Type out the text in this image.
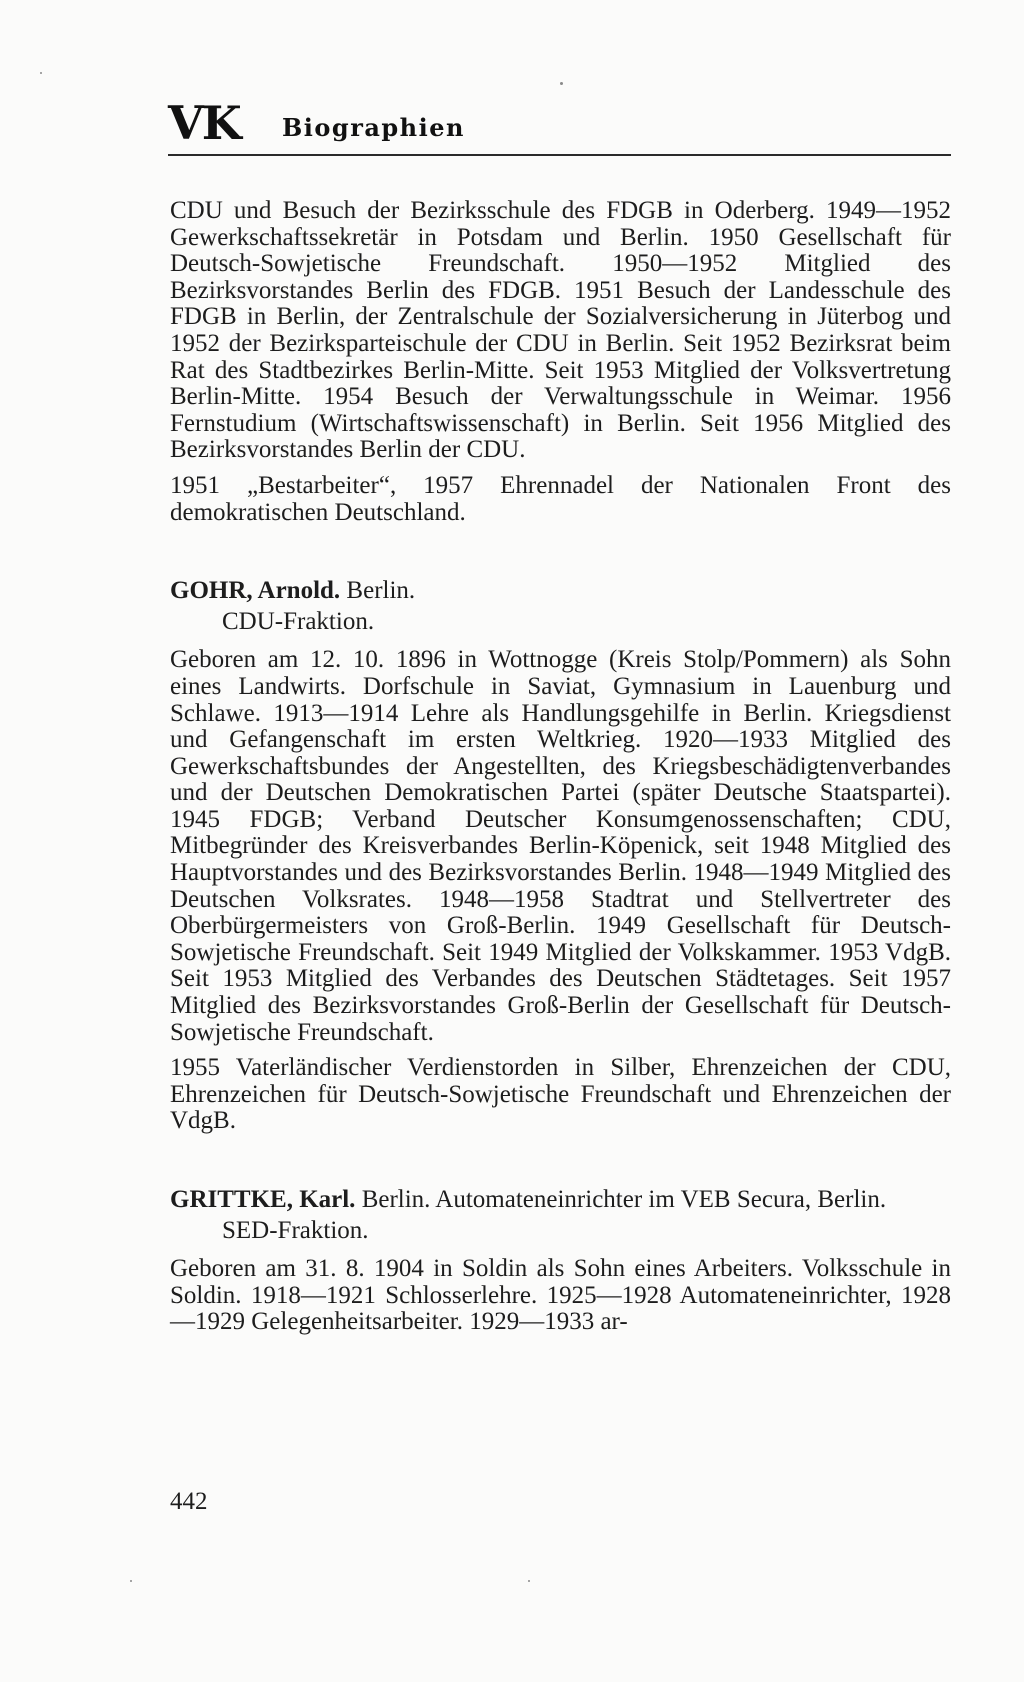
VK Biographien

CDU und Besuch der Bezirksschule des FDGB in Oderberg. 1949—1952 Gewerkschaftssekretär in Potsdam und Berlin. 1950 Gesellschaft für Deutsch-Sowjetische Freundschaft. 1950—1952 Mitglied des Bezirksvorstandes Berlin des FDGB. 1951 Besuch der Landesschule des FDGB in Berlin, der Zentralschule der Sozialversicherung in Jüterbog und 1952 der Bezirksparteischule der CDU in Berlin. Seit 1952 Bezirksrat beim Rat des Stadtbezirkes Berlin-Mitte. Seit 1953 Mitglied der Volksvertretung Berlin-Mitte. 1954 Besuch der Verwaltungsschule in Weimar. 1956 Fernstudium (Wirtschaftswissenschaft) in Berlin. Seit 1956 Mitglied des Bezirksvorstandes Berlin der CDU.

1951 „Bestarbeiter“, 1957 Ehrennadel der Nationalen Front des demokratischen Deutschland.

GOHR, Arnold. Berlin.

CDU-Fraktion.

Geboren am 12. 10. 1896 in Wottnogge (Kreis Stolp/Pommern) als Sohn eines Landwirts. Dorfschule in Saviat, Gymnasium in Lauenburg und Schlawe. 1913—1914 Lehre als Handlungsgehilfe in Berlin. Kriegsdienst und Gefangenschaft im ersten Weltkrieg. 1920—1933 Mitglied des Gewerkschaftsbundes der Angestellten, des Kriegsbeschädigtenverbandes und der Deutschen Demokratischen Partei (später Deutsche Staatspartei). 1945 FDGB; Verband Deutscher Konsumgenossenschaften; CDU, Mitbegründer des Kreisverbandes Berlin-Köpenick, seit 1948 Mitglied des Hauptvorstandes und des Bezirksvorstandes Berlin. 1948—1949 Mitglied des Deutschen Volksrates. 1948—1958 Stadtrat und Stellvertreter des Oberbürgermeisters von Groß-Berlin. 1949 Gesellschaft für Deutsch-Sowjetische Freundschaft. Seit 1949 Mitglied der Volkskammer. 1953 VdgB. Seit 1953 Mitglied des Verbandes des Deutschen Städtetages. Seit 1957 Mitglied des Bezirksvorstandes Groß-Berlin der Gesellschaft für Deutsch-Sowjetische Freundschaft.

1955 Vaterländischer Verdienstorden in Silber, Ehrenzeichen der CDU, Ehrenzeichen für Deutsch-Sowjetische Freundschaft und Ehrenzeichen der VdgB.

GRITTKE, Karl. Berlin. Automateneinrichter im VEB Secura, Berlin.

SED-Fraktion.

Geboren am 31. 8. 1904 in Soldin als Sohn eines Arbeiters. Volksschule in Soldin. 1918—1921 Schlosserlehre. 1925—1928 Automateneinrichter, 1928—1929 Gelegenheitsarbeiter. 1929—1933 ar-

442
